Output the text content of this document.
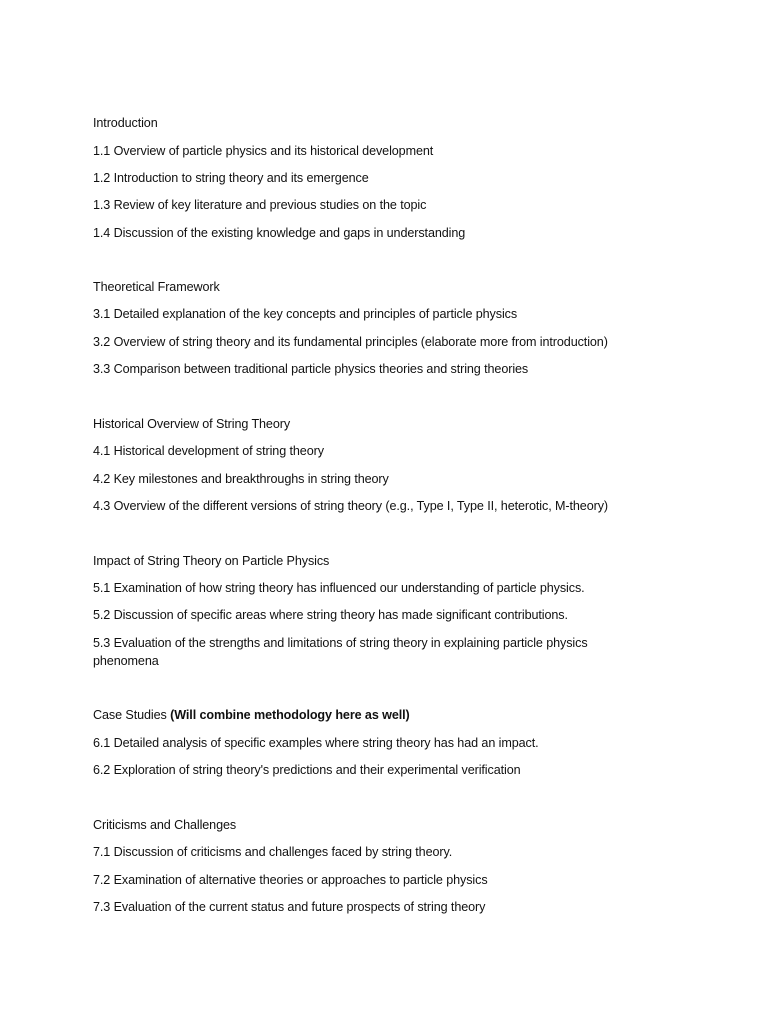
Introduction
1.1 Overview of particle physics and its historical development
1.2 Introduction to string theory and its emergence
1.3 Review of key literature and previous studies on the topic
1.4 Discussion of the existing knowledge and gaps in understanding
Theoretical Framework
3.1 Detailed explanation of the key concepts and principles of particle physics
3.2 Overview of string theory and its fundamental principles (elaborate more from introduction)
3.3 Comparison between traditional particle physics theories and string theories
Historical Overview of String Theory
4.1 Historical development of string theory
4.2 Key milestones and breakthroughs in string theory
4.3 Overview of the different versions of string theory (e.g., Type I, Type II, heterotic, M-theory)
Impact of String Theory on Particle Physics
5.1 Examination of how string theory has influenced our understanding of particle physics.
5.2 Discussion of specific areas where string theory has made significant contributions.
5.3 Evaluation of the strengths and limitations of string theory in explaining particle physics phenomena
Case Studies (Will combine methodology here as well)
6.1 Detailed analysis of specific examples where string theory has had an impact.
6.2 Exploration of string theory's predictions and their experimental verification
Criticisms and Challenges
7.1 Discussion of criticisms and challenges faced by string theory.
7.2 Examination of alternative theories or approaches to particle physics
7.3 Evaluation of the current status and future prospects of string theory
